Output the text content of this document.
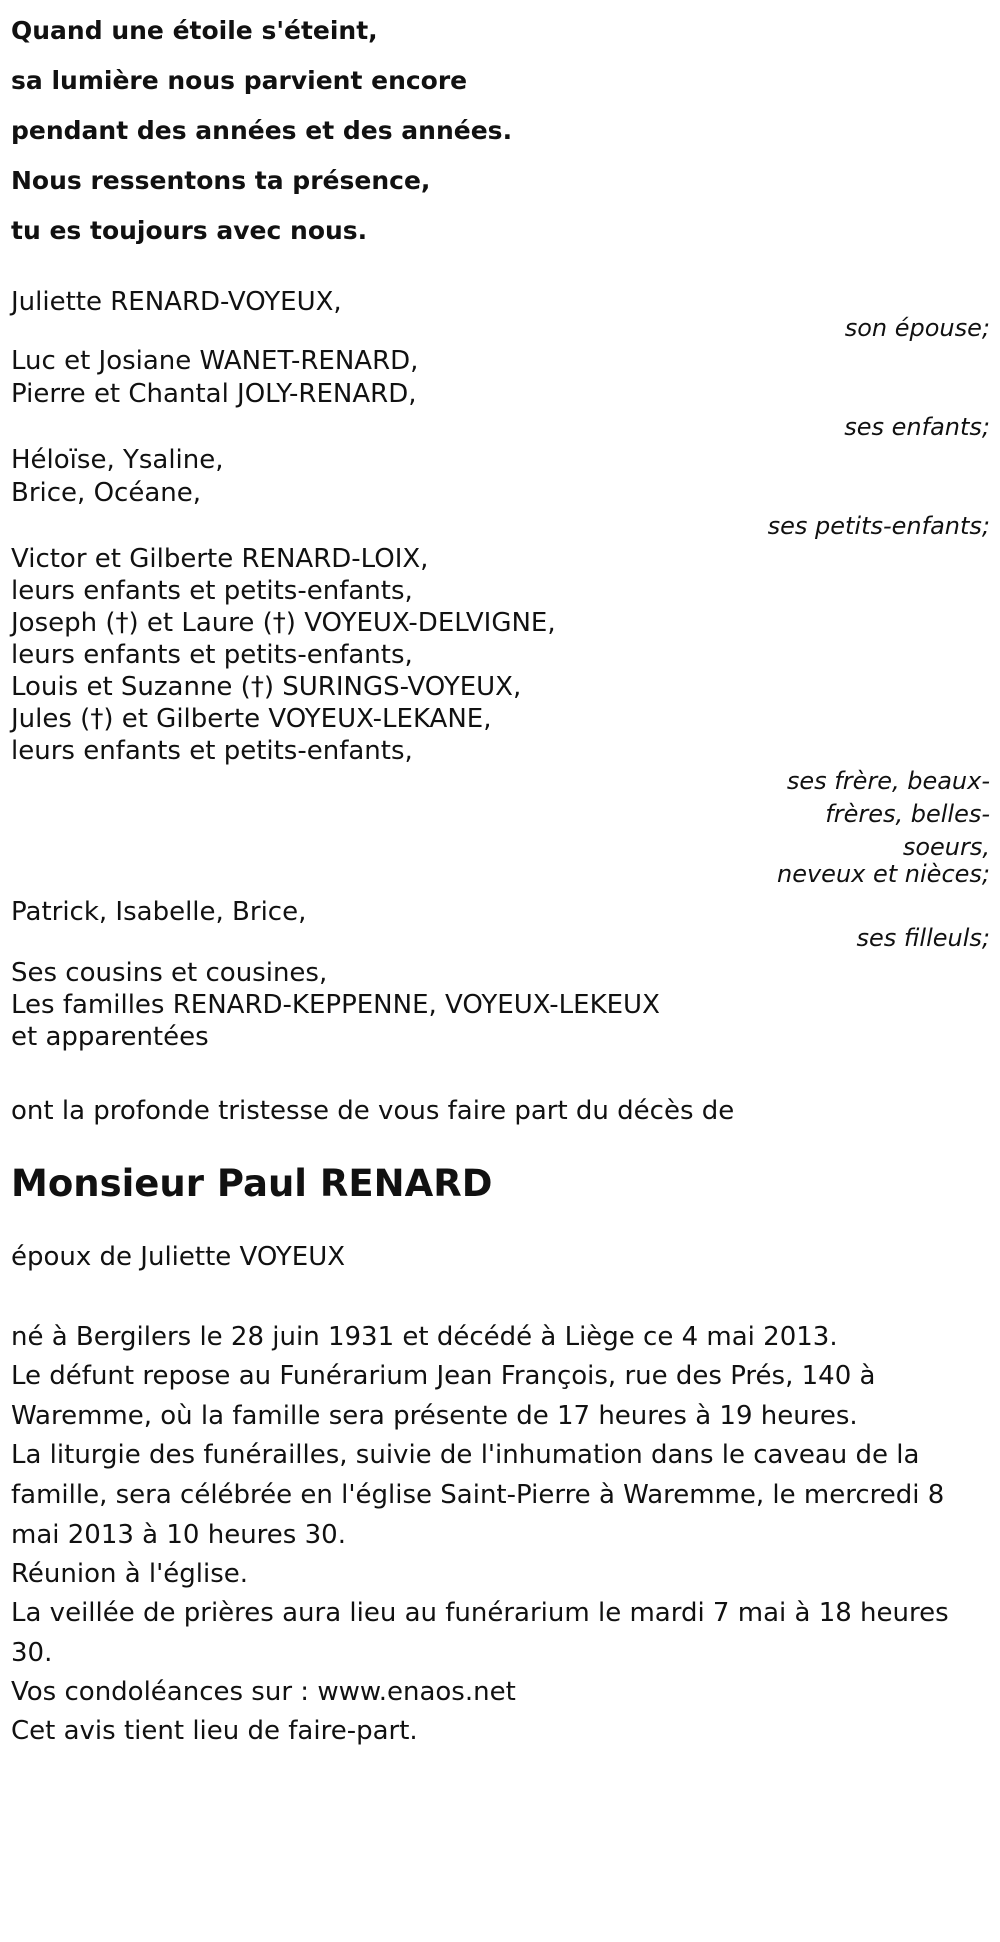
Quand une étoile s'éteint,
sa lumière nous parvient encore
pendant des années et des années.
Nous ressentons ta présence,
tu es toujours avec nous.
Juliette RENARD-VOYEUX,
son épouse;
Luc et Josiane WANET-RENARD,
Pierre et Chantal JOLY-RENARD,
ses enfants;
Héloïse, Ysaline,
Brice, Océane,
ses petits-enfants;
Victor et Gilberte RENARD-LOIX,
leurs enfants et petits-enfants,
Joseph (†) et Laure (†) VOYEUX-DELVIGNE,
leurs enfants et petits-enfants,
Louis et Suzanne (†) SURINGS-VOYEUX,
Jules (†) et Gilberte VOYEUX-LEKANE,
leurs enfants et petits-enfants,
ses frère, beaux-
frères, belles-
soeurs,
neveux et nièces;
Patrick, Isabelle, Brice,
ses filleuls;
Ses cousins et cousines,
Les familles RENARD-KEPPENNE, VOYEUX-LEKEUX
et apparentées
ont la profonde tristesse de vous faire part du décès de
Monsieur Paul RENARD
époux de Juliette VOYEUX
né à Bergilers le 28 juin 1931 et décédé à Liège ce 4 mai 2013.
Le défunt repose au Funérarium Jean François, rue des Prés, 140 à Waremme, où la famille sera présente de 17 heures à 19 heures.
La liturgie des funérailles, suivie de l'inhumation dans le caveau de la famille, sera célébrée en l'église Saint-Pierre à Waremme, le mercredi 8 mai 2013 à 10 heures 30.
Réunion à l'église.
La veillée de prières aura lieu au funérarium le mardi 7 mai à 18 heures 30.
Vos condoléances sur : www.enaos.net
Cet avis tient lieu de faire-part.
